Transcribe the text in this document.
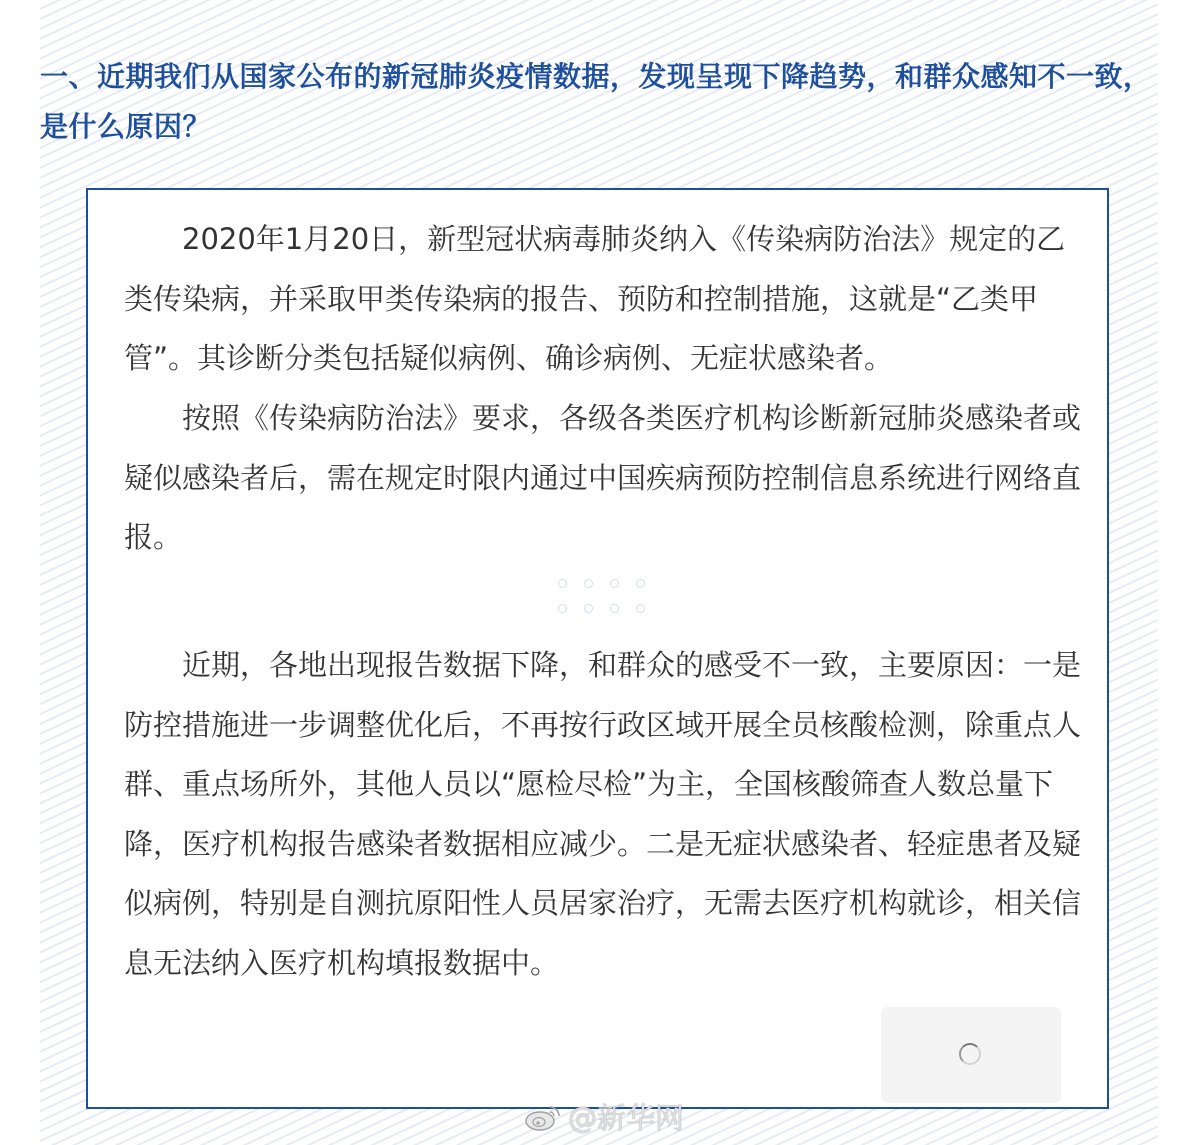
一、近期我们从国家公布的新冠肺炎疫情数据，发现呈现下降趋势，和群众感知不一致，是什么原因？

2020年1月20日，新型冠状病毒肺炎纳入《传染病防治法》规定的乙类传染病，并采取甲类传染病的报告、预防和控制措施，这就是“乙类甲管”。其诊断分类包括疑似病例、确诊病例、无症状感染者。

按照《传染病防治法》要求，各级各类医疗机构诊断新冠肺炎感染者或疑似感染者后，需在规定时限内通过中国疾病预防控制信息系统进行网络直报。

近期，各地出现报告数据下降，和群众的感受不一致，主要原因：一是防控措施进一步调整优化后，不再按行政区域开展全员核酸检测，除重点人群、重点场所外，其他人员以“愿检尽检”为主，全国核酸筛查人数总量下降，医疗机构报告感染者数据相应减少。二是无症状感染者、轻症患者及疑似病例，特别是自测抗原阳性人员居家治疗，无需去医疗机构就诊，相关信息无法纳入医疗机构填报数据中。

@新华网
